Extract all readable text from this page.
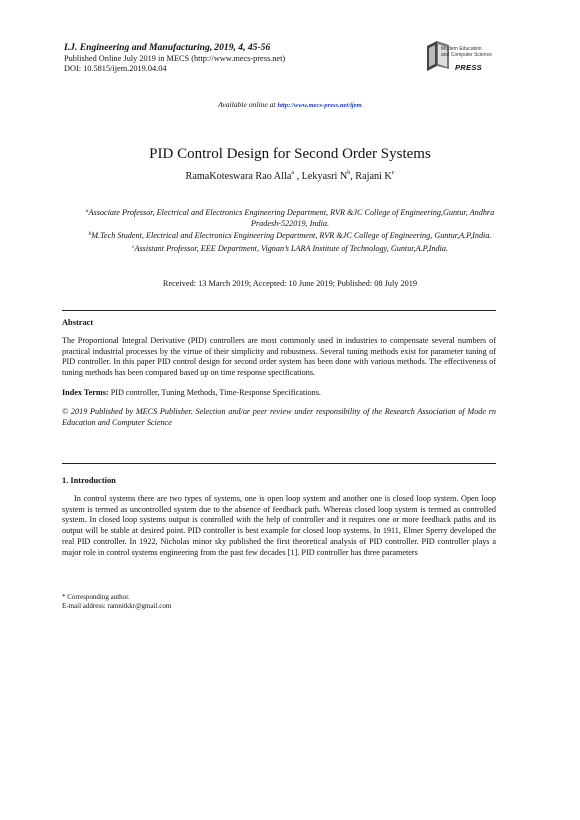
I.J. Engineering and Manufacturing, 2019, 4, 45-56
Published Online July 2019 in MECS (http://www.mecs-press.net)
DOI: 10.5815/ijem.2019.04.04
Modern Education
and Computer Science
PRESS
Available online at http://www.mecs-press.net/ijem
PID Control Design for Second Order Systems
RamaKoteswara Rao Alla$^a$ , Lekyasri $N^b$, Rajani $K^c$
$^a$Associate Professor, Electrical and Electronics Engineering Department, RVR &JC College of Engineering,Guntur, Andhra Pradesh-522019, India.
$^b$M.Tech Student, Electrical and Electronics Engineering Department, RVR &JC College of Engineering, Guntur,A.P,India.
$^c$Assistant Professor, EEE Department, Vignan’s LARA Institute of Technology, Guntur,A.P,India.
Received: 13 March 2019; Accepted: 10 June 2019; Published: 08 July 2019
Abstract
The Proportional Integral Derivative (PID) controllers are most commonly used in industries to compensate several numbers of practical industrial processes by the virtue of their simplicity and robustness. Several tuning methods exist for parameter tuning of PID controller. In this paper PID control design for second order system has been done with various methods. The effectiveness of tuning methods has been compared based up on time response specifications.
Index Terms: PID controller, Tuning Methods, Time-Response Specifications.
© 2019 Published by MECS Publisher. Selection and/or peer review under responsibility of the Research Association of Mode rn Education and Computer Science
1. Introduction
In control systems there are two types of systems, one is open loop system and another one is closed loop system. Open loop system is termed as uncontrolled system due to the absence of feedback path. Whereas closed loop system is termed as controlled system. In closed loop systems output is controlled with the help of controller and it requires one or more feedback paths and its output will be stable at desired point. PID controller is best example for closed loop systems. In 1911, Elmer Sperry developed the real PID controller. In 1922, Nicholas minor sky published the first theoretical analysis of PID controller. PID controller plays a major role in control systems engineering from the past few decades [1]. PID controller has three parameters
* Corresponding author.
E-mail address: ramnitkkr@gmail.com
